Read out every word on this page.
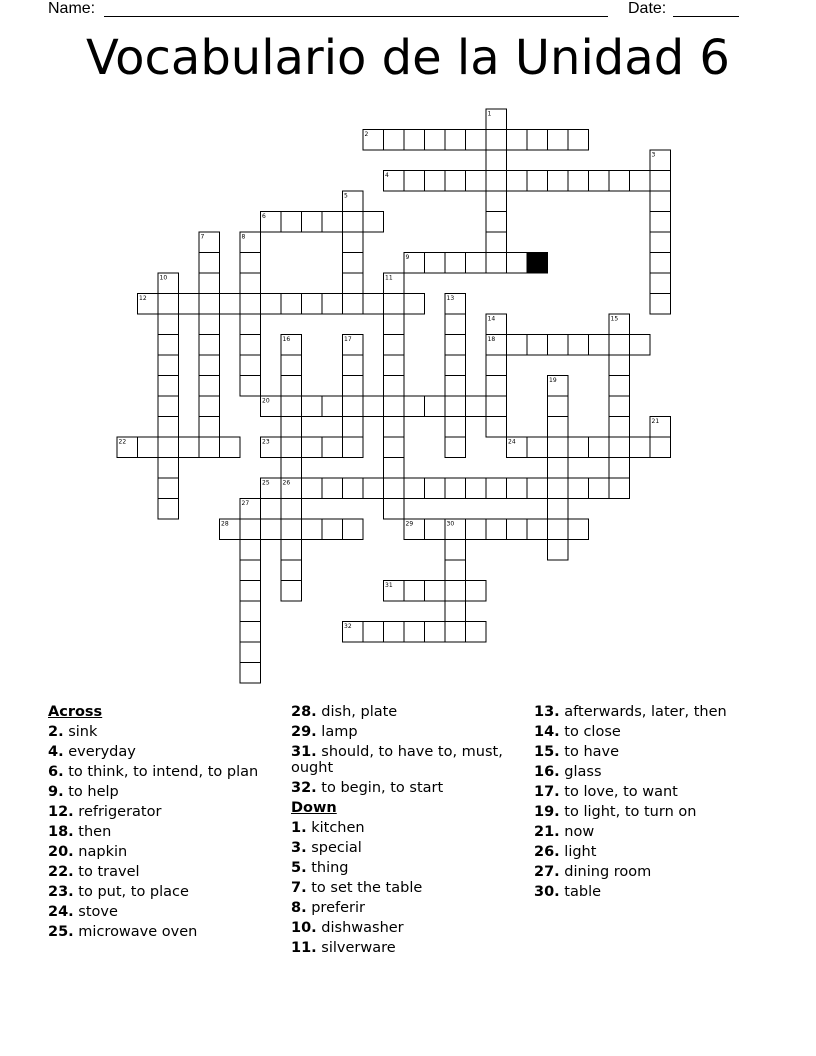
Name:	Date:
Vocabulario de la Unidad 6
1
2
3
4
5
6
7	8
9
10	11
12	13
14	15
16	17	18
19
20
21
22	23	24
25 26
27
28	29	30
31
32
Across
2. sink
4. everyday
6. to think, to intend, to plan
9. to help
12. refrigerator
18. then
20. napkin
22. to travel
23. to put, to place
24. stove
25. microwave oven
28. dish, plate
29. lamp
31. should, to have to, must, ought
32. to begin, to start
Down
1. kitchen
3. special
5. thing
7. to set the table
8. preferir
10. dishwasher
11. silverware
13. afterwards, later, then
14. to close
15. to have
16. glass
17. to love, to want
19. to light, to turn on
21. now
26. light
27. dining room
30. table
